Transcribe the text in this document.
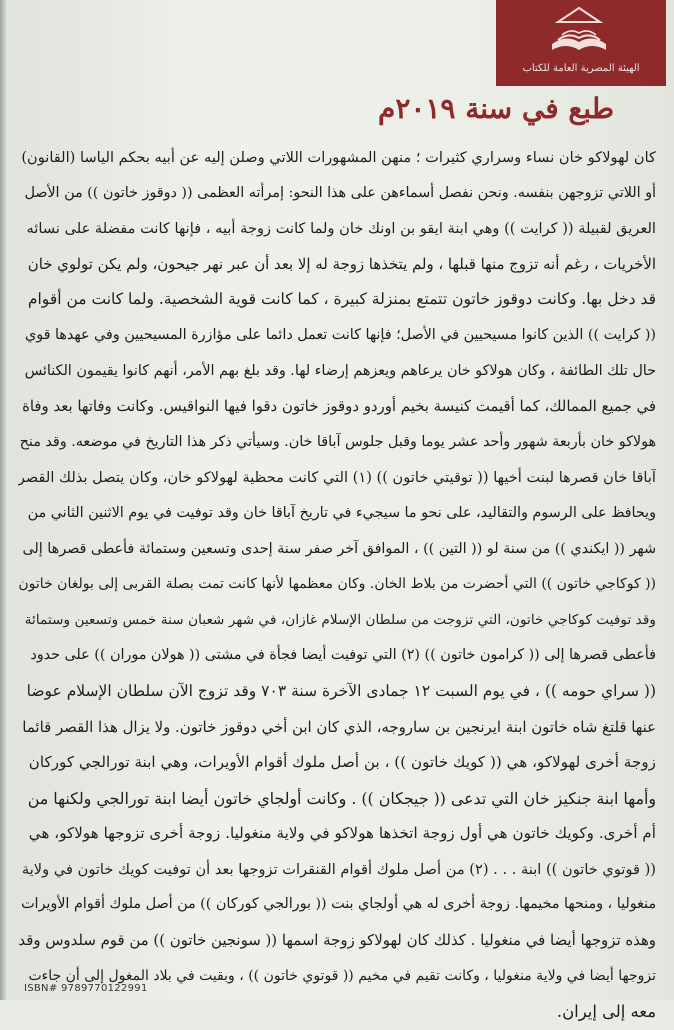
الهيئة المصرية العامة للكتاب
طبع في سنة ٢٠١٩م
كان لهولاكو خان نساء وسراري كثيرات ؛ منهن المشهورات اللاتي وصلن إليه عن أبيه بحكم الياسا (القانون)
أو اللاتي تزوجهن بنفسه. ونحن نفصل أسماءهن على هذا النحو: إمرأته العظمى (( دوقوز خاتون )) من الأصل
العريق لقبيلة (( كرايت )) وهي ابنة ايقو بن اونك خان ولما كانت زوجة أبيه ، فإنها كانت مفضلة على نسائه
الأخريات ، رغم أنه تزوج منها قبلها ، ولم يتخذها زوجة له إلا بعد أن عبر نهر جيحون، ولم يكن تولوي خان
قد دخل بها. وكانت دوقوز خاتون تتمتع بمنزلة كبيرة ، كما كانت قوية الشخصية. ولما كانت من أقوام
(( كرايت )) الذين كانوا مسيحيين في الأصل؛ فإنها كانت تعمل دائما على مؤازرة المسيحيين وفي عهدها قوي
حال تلك الطائفة ، وكان هولاكو خان يرعاهم ويعزهم إرضاء لها. وقد بلغ بهم الأمر، أنهم كانوا يقيمون الكنائس
في جميع الممالك، كما أقيمت كنيسة بخيم أوردو دوقوز خاتون دقوا فيها النواقيس. وكانت وفاتها بعد وفاة
هولاكو خان بأربعة شهور وأحد عشر يوما وقبل جلوس آباقا خان. وسيأتي ذكر هذا التاريخ في موضعه. وقد منح
آباقا خان قصرها لبنت أخيها (( توقيتي خاتون )) (١) التي كانت محظية لهولاكو خان، وكان يتصل بذلك القصر
ويحافظ على الرسوم والتقاليد، على نحو ما سيجيء في تاريخ آباقا خان وقد توفيت في يوم الاثنين الثاني من
شهر (( ايكندي )) من سنة لو (( التين )) ، الموافق آخر صفر سنة إحدى وتسعين وستمائة فأعطى قصرها إلى
(( كوكاجي خاتون )) التي أحضرت من بلاط الخان. وكان معظمها لأنها كانت تمت بصلة القربى إلى بولغان خاتون
وقد توفيت كوكاجي خاتون، التي تزوجت من سلطان الإسلام غازان، في شهر شعبان سنة خمس وتسعين وستمائة
فأعطى قصرها إلى (( كرامون خاتون )) (٢) التي توفيت أيضا فجأة في مشتى (( هولان موران )) على حدود
(( سراي حومه )) ، في يوم السبت ١٢ جمادى الآخرة سنة ٧٠٣ وقد تزوج الآن سلطان الإسلام عوضا
عنها قلتغ شاه خاتون ابنة ايرنجين بن ساروجه، الذي كان ابن أخي دوقوز خاتون. ولا يزال هذا القصر قائما
زوجة أخرى لهولاكو، هي (( كويك خاتون )) ، بن أصل ملوك أقوام الأويرات، وهي ابنة تورالجي كوركان
وأمها ابنة جنكيز خان التي تدعى (( جيجكان )) . وكانت أولجاي خاتون أيضا ابنة تورالجي ولكنها من
أم أخرى. وكويك خاتون هي أول زوجة اتخذها هولاكو في ولاية منغوليا. زوجة أخرى تزوجها هولاكو، هي
(( قوتوي خاتون )) ابنة . . . (٢) من أصل ملوك أقوام القنقرات تزوجها بعد أن توفيت كويك خاتون في ولاية
منغوليا ، ومنحها مخيمها. زوجة أخرى له هي أولجاي بنت (( بورالجي كوركان )) من أصل ملوك أقوام الأويرات
وهذه تزوجها أيضا في منغوليا . كذلك كان لهولاكو زوجة اسمها (( سونجين خاتون )) من قوم سلدوس وقد
تزوجها أيضا في ولاية منغوليا ، وكانت تقيم في مخيم (( قوتوي خاتون )) ، وبقيت في بلاد المغول إلى أن جاءت
معه إلى إيران.
ISBN# 9789770122991
